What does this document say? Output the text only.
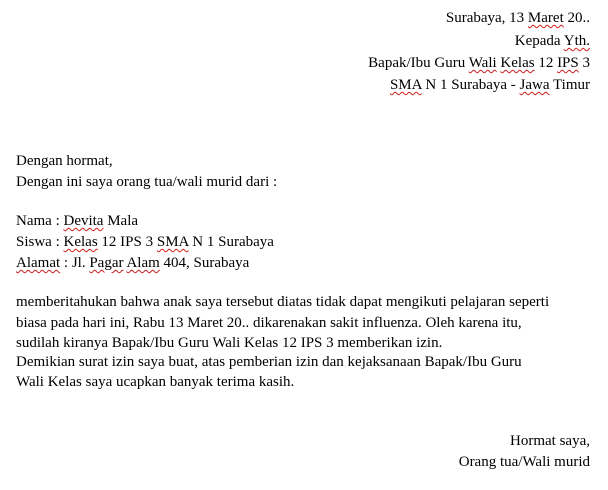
Surabaya, 13 Maret 20..
Kepada Yth.
Bapak/Ibu Guru Wali Kelas 12 IPS 3
SMA N 1 Surabaya - Jawa Timur
Dengan hormat,
Dengan ini saya orang tua/wali murid dari :
Nama : Devita Mala
Siswa : Kelas 12 IPS 3 SMA N 1 Surabaya
Alamat : Jl. Pagar Alam 404, Surabaya
memberitahukan bahwa anak saya tersebut diatas tidak dapat mengikuti pelajaran seperti
biasa pada hari ini, Rabu 13 Maret 20.. dikarenakan sakit influenza. Oleh karena itu,
sudilah kiranya Bapak/Ibu Guru Wali Kelas 12 IPS 3 memberikan izin.
Demikian surat izin saya buat, atas pemberian izin dan kejaksanaan Bapak/Ibu Guru
Wali Kelas saya ucapkan banyak terima kasih.
Hormat saya,
Orang tua/Wali murid
